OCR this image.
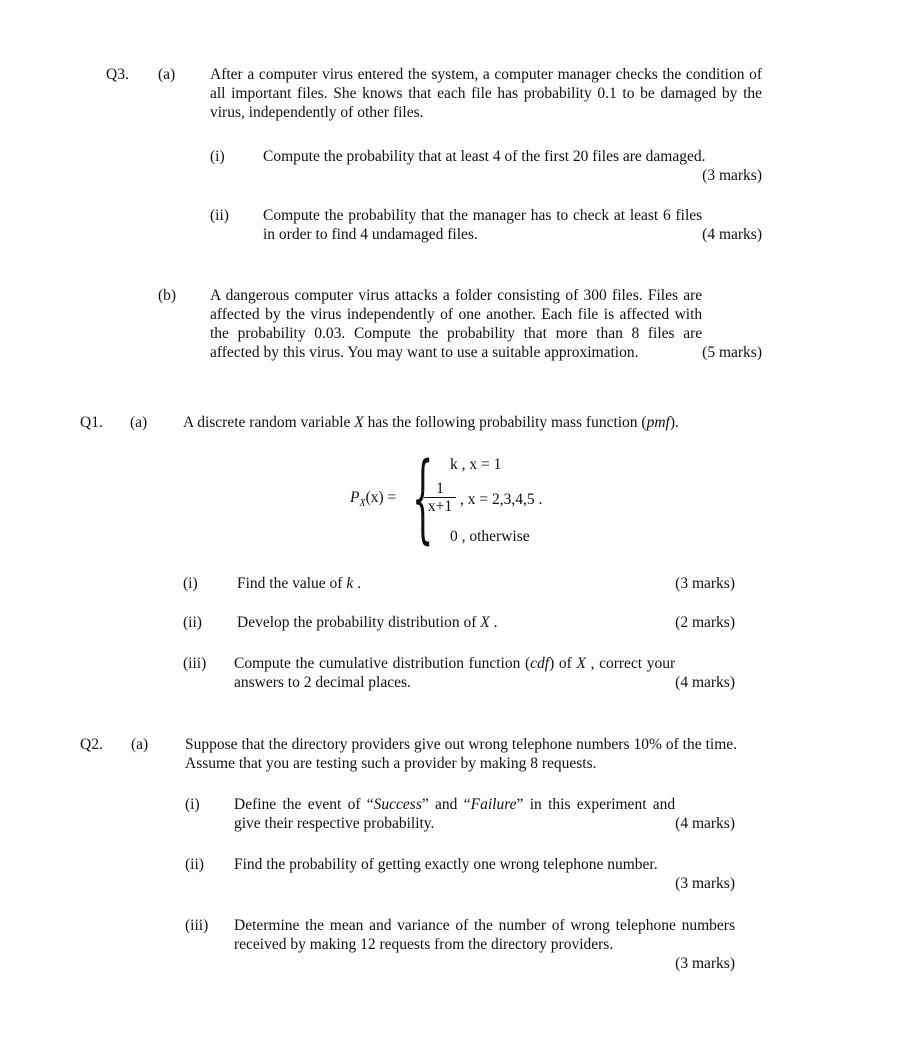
Q3. (a) After a computer virus entered the system, a computer manager checks the condition of all important files. She knows that each file has probability 0.1 to be damaged by the virus, independently of other files.
(i) Compute the probability that at least 4 of the first 20 files are damaged.

(3 marks)
(ii)
(4 marks)
Compute the probability that the manager has to check at least 6 files in order to find 4 undamaged files.
(b)
(5 marks)
A dangerous computer virus attacks a folder consisting of 300 files. Files are affected by the virus independently of one another. Each file is affected with the probability 0.03. Compute the probability that more than 8 files are affected by this virus. You may want to use a suitable approximation.
Q1. (a) A discrete random variable X has the following probability mass function (pmf).
$P_X(x)$ = { k , x = 1
$\frac{1}{x+1}$ , x = 2,3,4,5 .
0 , otherwise
(i)	Find the value of k .	(3 marks)
(ii) Develop the probability distribution of X .	(2 marks)
(iii)
(4 marks)
Compute the cumulative distribution function (cdf) of X , correct your answers to 2 decimal places.
Q2. (a) Suppose that the directory providers give out wrong telephone numbers 10% of the time. Assume that you are testing such a provider by making 8 requests.
(i)
(4 marks)
Define the event of “Success” and “Failure” in this experiment and give their respective probability.
(ii) Find the probability of getting exactly one wrong telephone number.

(3 marks)
(iii) Determine the mean and variance of the number of wrong telephone numbers received by making 12 requests from the directory providers.

(3 marks)
